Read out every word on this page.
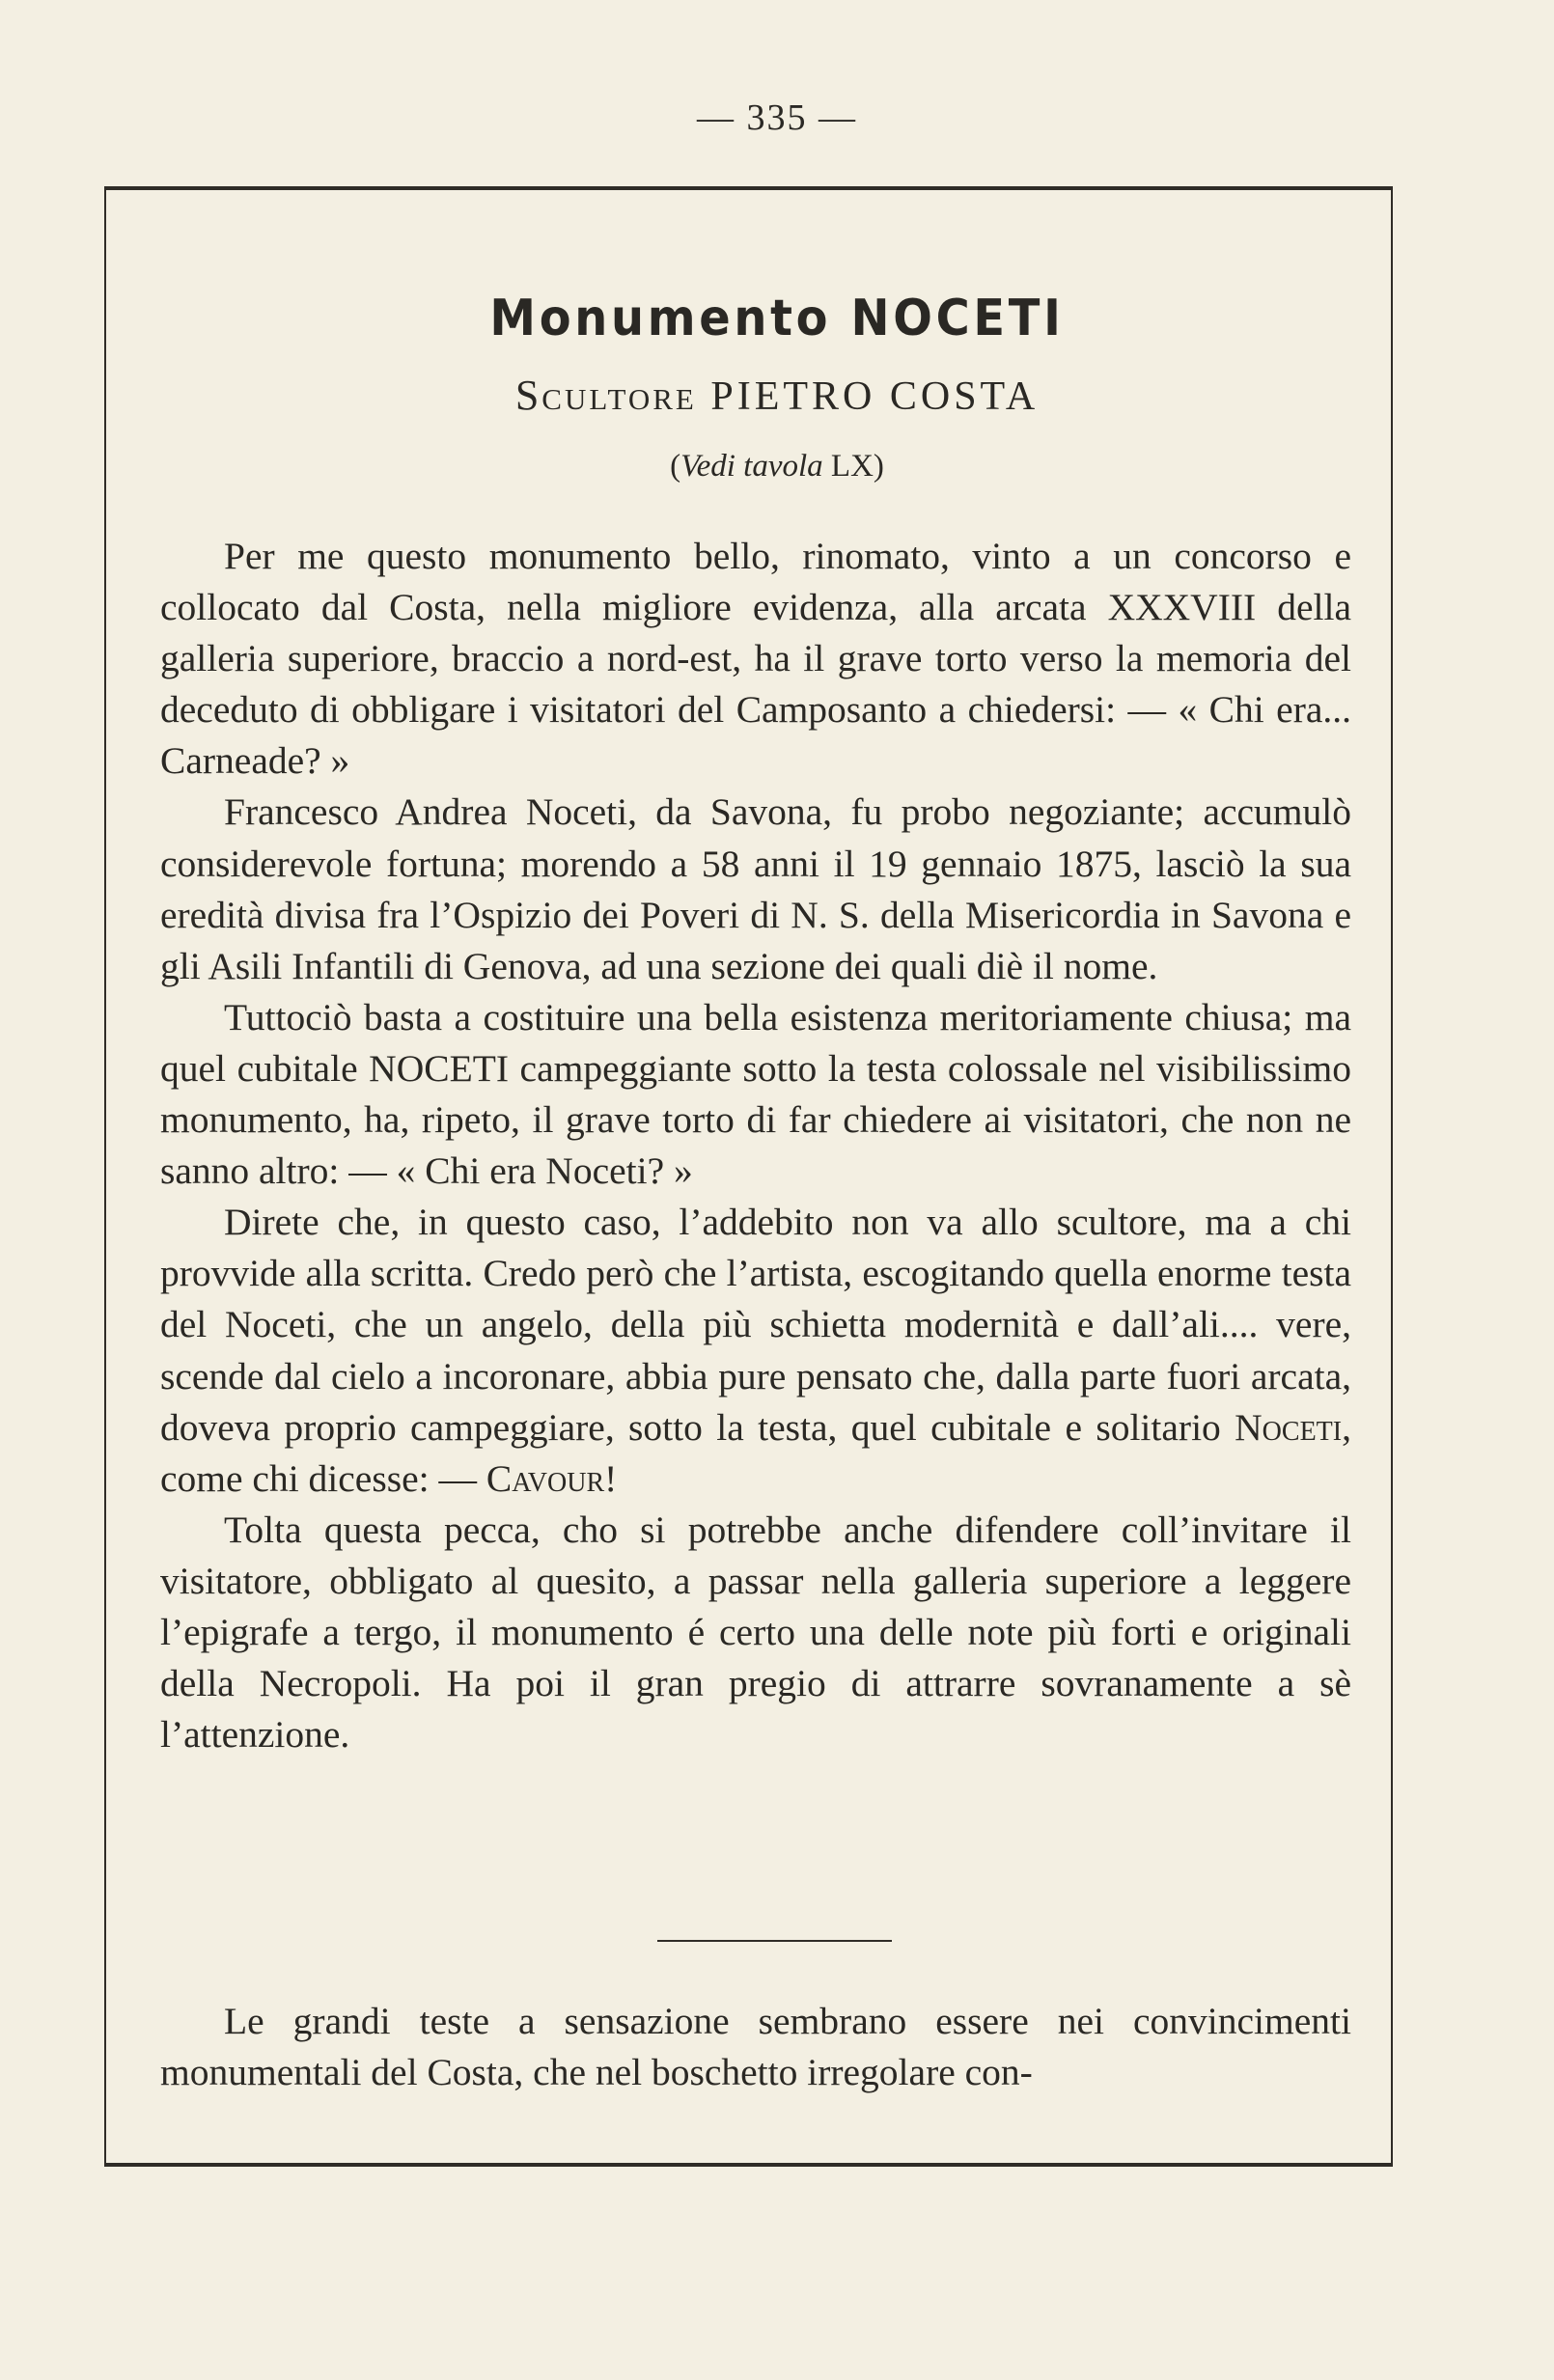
— 335 —
Monumento NOCETI
Scultore PIETRO COSTA
(Vedi tavola LX)

Per me questo monumento bello, rinomato, vinto a un concorso e collocato dal Costa, nella migliore evidenza, alla arcata XXXVIII della galleria superiore, braccio a nord-est, ha il grave torto verso la memoria del deceduto di obbligare i visitatori del Camposanto a chiedersi: — « Chi era... Carneade? »

Francesco Andrea Noceti, da Savona, fu probo negoziante; accumulò considerevole fortuna; morendo a 58 anni il 19 gennaio 1875, lasciò la sua eredità divisa fra l’Ospizio dei Poveri di N. S. della Misericordia in Savona e gli Asili Infantili di Genova, ad una sezione dei quali diè il nome.

Tuttociò basta a costituire una bella esistenza meritoriamente chiusa; ma quel cubitale NOCETI campeggiante sotto la testa colossale nel visibilissimo monumento, ha, ripeto, il grave torto di far chiedere ai visitatori, che non ne sanno altro: — « Chi era Noceti? »

Direte che, in questo caso, l’addebito non va allo scultore, ma a chi provvide alla scritta. Credo però che l’artista, escogitando quella enorme testa del Noceti, che un angelo, della più schietta modernità e dall’ali.... vere, scende dal cielo a incoronare, abbia pure pensato che, dalla parte fuori arcata, doveva proprio campeggiare, sotto la testa, quel cubitale e solitario Noceti, come chi dicesse: — Cavour!

Tolta questa pecca, cho si potrebbe anche difendere coll’invitare il visitatore, obbligato al quesito, a passar nella galleria superiore a leggere l’epigrafe a tergo, il monumento é certo una delle note più forti e originali della Necropoli. Ha poi il gran pregio di attrarre sovranamente a sè l’attenzione.

Le grandi teste a sensazione sembrano essere nei convincimenti monumentali del Costa, che nel boschetto irregolare con-
